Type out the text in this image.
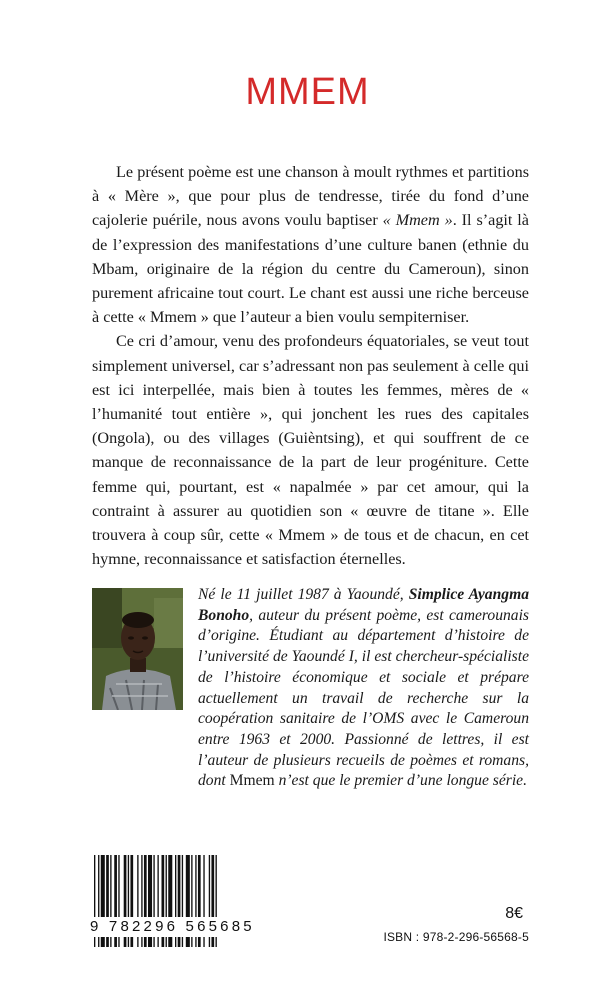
MMEM

Le présent poème est une chanson à moult rythmes et partitions à « Mère », que pour plus de tendresse, tirée du fond d’une cajolerie puérile, nous avons voulu baptiser « Mmem ». Il s’agit là de l’expression des manifestations d’une culture banen (ethnie du Mbam, originaire de la région du centre du Cameroun), sinon purement africaine tout court. Le chant est aussi une riche berceuse à cette « Mmem » que l’auteur a bien voulu sempiterniser.

Ce cri d’amour, venu des profondeurs équatoriales, se veut tout simplement universel, car s’adressant non pas seulement à celle qui est ici interpellée, mais bien à toutes les femmes, mères de « l’humanité tout entière », qui jonchent les rues des capitales (Ongola), ou des villages (Guièntsing), et qui souffrent de ce manque de reconnaissance de la part de leur progéniture. Cette femme qui, pourtant, est « napalmée » par cet amour, qui la contraint à assurer au quotidien son « œuvre de titane ». Elle trouvera à coup sûr, cette « Mmem » de tous et de chacun, en cet hymne, reconnaissance et satisfaction éternelles.

Né le 11 juillet 1987 à Yaoundé, Simplice Ayangma Bonoho, auteur du présent poème, est camerounais d’origine. Étudiant au département d’histoire de l’université de Yaoundé I, il est chercheur-spécialiste de l’histoire économique et sociale et prépare actuellement un travail de recherche sur la coopération sanitaire de l’OMS avec le Cameroun entre 1963 et 2000. Passionné de lettres, il est l’auteur de plusieurs recueils de poèmes et romans, dont Mmem n’est que le premier d’une longue série.
9 782296 565685
8€
ISBN : 978-2-296-56568-5
